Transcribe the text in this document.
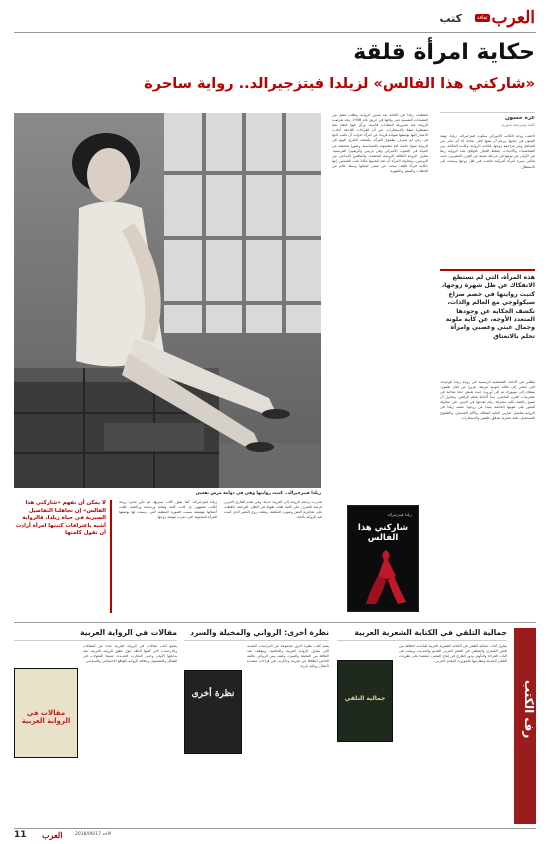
العرب
ثقافة
كتب
حكاية امرأة قلقة
«شاركني هذا الفالس» لزيلدا فيتزجيرالد.. رواية ساحرة
عزة حسون
كاتبة ومترجمة سورية
زيلدا فيتزجيرالد.. كتبت روايتها وهي في دوامة مرض نفسي
لاحقت زوجة الكاتب الأميركي سكوت فيتزجيرالد، زيلدا، تهمة الجنون في حياتها، ورغم أن نصها لاقى نجاحا، إلا أنه عانى من التجاهل ومن مزاحمة زوجها، فكانت الرواية، وكانت الحكاية. بين الشخصيات والأحداث، يختلط الخيال بالواقع. هذه الرواية ربما هي الأولى من نوعها في مرحلة معينة من القرن العشرين، حيث تحكي سيرة امرأة أميركية عاشت في ظل زوجها وسعت إلى الاستقلال.
هذه المرأة، التي لم تستطع الانفكاك عن ظل شهرة زوجها، كتبت روايتها في خضم صراع سيكولوجي مع العالم والذات، تكشف الحكاية عن وجودها المتعدد الأوجه، عن كآبة ملونة وجمال عبثي وعصبي وامرأة تحلم بالانعتاق
بطلتي هي ألاباما، الشخصية الرئيسية في رواية زيلدا الوحيدة، التي تنتمي إلى عائلة جنوبية عريقة. تتزوج من فنان طموح، ينتقلان إلى نيويورك ثم إلى أوروبا، حيث تعيش حياة صاخبة في عشرينات القرن الماضي. تبدأ ألاباما بتعلم الرقص، وتحاول أن تصبح راقصة باليه محترفة رغم تقدمها في السن، في محاولة للعثور على هويتها الخاصة بعيدا عن زوجها. تصف زيلدا في الرواية تفاصيل تمارين الباليه الشاقة، والألم الجسدي، والطموح المستحيل، بلغة شعرية تتدفق بالصور والاستعارات.
انقطعت زيلدا عن الكتابة بعد صدور الرواية، وظلت تتنقل بين المصحات النفسية حتى وفاتها في حريق عام 1948. وقد تعرضت الرواية عند صدورها لانتقادات قاسية، ورأى فيها النقاد نصا مضطربا مثقلا بالاستعارات. غير أن القراءات اللاحقة أعادت الاعتبار إليها بوصفها شهادة فريدة عن امرأة حاولت أن تكتب ذاتها في زمن لم يعترف بطموح المرأة. يكتشف القارئ اليوم في الرواية صوتا خاصا، لغة مشحونة بالحساسية، وصورا مدهشة عن الحياة في الجنوب الأميركي وفي باريس والريفييرا الفرنسية. تتناول الرواية العلاقة الزوجية المعقدة، والتنافس الإبداعي بين الزوجين، ومحاولة المرأة أن تجد لنفسها مكانا تحت الشمس. إنها حكاية امرأة قلقة، تبحث عن معنى لحياتها وسط عالم من الحفلات والسفر والشهرة.
زيلدا فيتزجيرالد
شاركني هذا الفالس
صدرت ترجمة الرواية إلى العربية حديثا، وهي تقدم للقارئ العربي فرصة للتعرف على كاتبة ظلت طويلا في الظل. الترجمة حافظت على شاعرية النص وصوره المكثفة، ونقلت روح العصر الذي كتبت فيه الرواية بأمانة.
زيلدا فيتزجيرالد، كما يقول كتّاب سيرتها، لم تكن مجرد زوجة لكاتب مشهور، بل كانت كاتبة وفنانة ورسامة وراقصة. ظلت أعمالها مهمشة بسبب الصورة النمطية التي رسمت لها بوصفها المرأة المجنونة التي دمرت موهبة زوجها.
لا يمكن أن نفهم «شاركني هذا الفالس» إن تجاهلنا التفاصيل السيرية في حياة زيلدا، فالرواية أشبه باعترافات كتبتها امرأة أرادت أن تقول كلمتها
رف الكتب
جمالية التلقي في الكتابة الشعرية العربية
يتناول كتاب جمالية التلقي في الكتابة الشعرية العربية للباحث، العلاقة بين النص الشعري والمتلقي في الشعر العربي القديم والحديث، ويبحث في آليات القراءة والتأويل ودور القارئ في إنتاج المعنى، معتمدا على نظريات التلقي الحديثة ومقارنتها بالموروث النقدي العربي.
جمالية التلقي
نظرة أخرى: الرواني والمخيلة والسرد
يضم كتاب نظرة أخرى مجموعة من الدراسات النقدية التي تتناول الرواية العربية والعالمية، ويتوقف عند العلاقة بين المخيلة والسرد، وكيف يبني الروائي عالمه الخاص انطلاقا من تجربته وذاكرته، في قراءات متعددة لأعمال روائية بارزة.
نظرة أخرى
مقالات في الرواية العربية
يجمع كتاب مقالات في الرواية العربية عددا من المقالات والدراسات التي كتبها الناقد حول تطور الرواية العربية، منذ بداياتها الأولى وحتى التجارب الجديدة، متتبعا التحولات في الشكل والمضمون وعلاقة الرواية بالواقع الاجتماعي والسياسي.
مقالات في الرواية العربية
11 العرب	الأحد 2018/06/17
